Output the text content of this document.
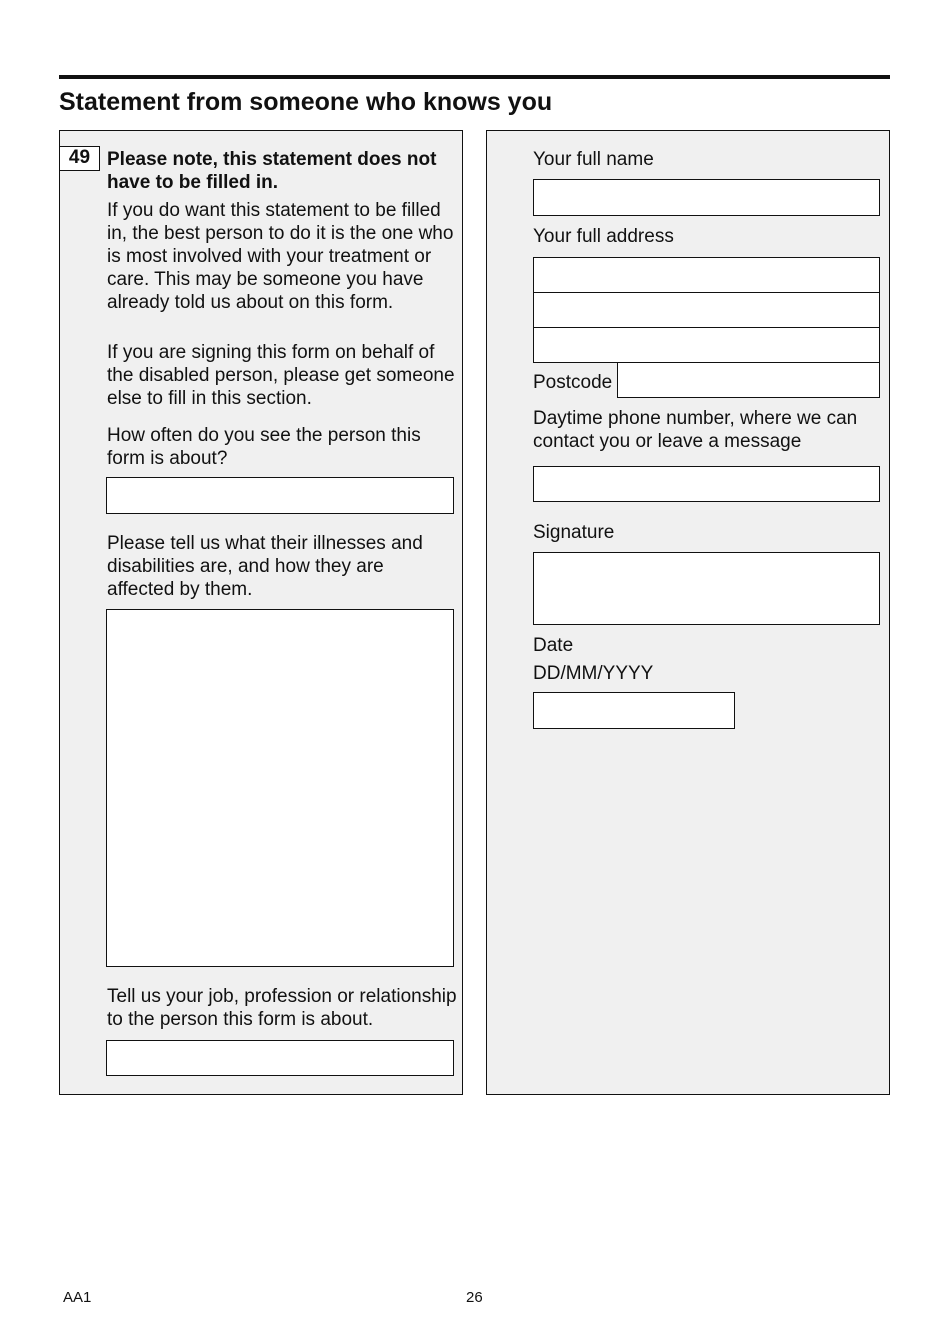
Statement from someone who knows you
49 Please note, this statement does not have to be filled in.
If you do want this statement to be filled in, the best person to do it is the one who is most involved with your treatment or care. This may be someone you have already told us about on this form.
If you are signing this form on behalf of the disabled person, please get someone else to fill in this section.
How often do you see the person this form is about?
Please tell us what their illnesses and disabilities are, and how they are affected by them.
Tell us your job, profession or relationship to the person this form is about.
Your full name
Your full address
Postcode
Daytime phone number, where we can contact you or leave a message
Signature
Date
DD/MM/YYYY
AA1	26
